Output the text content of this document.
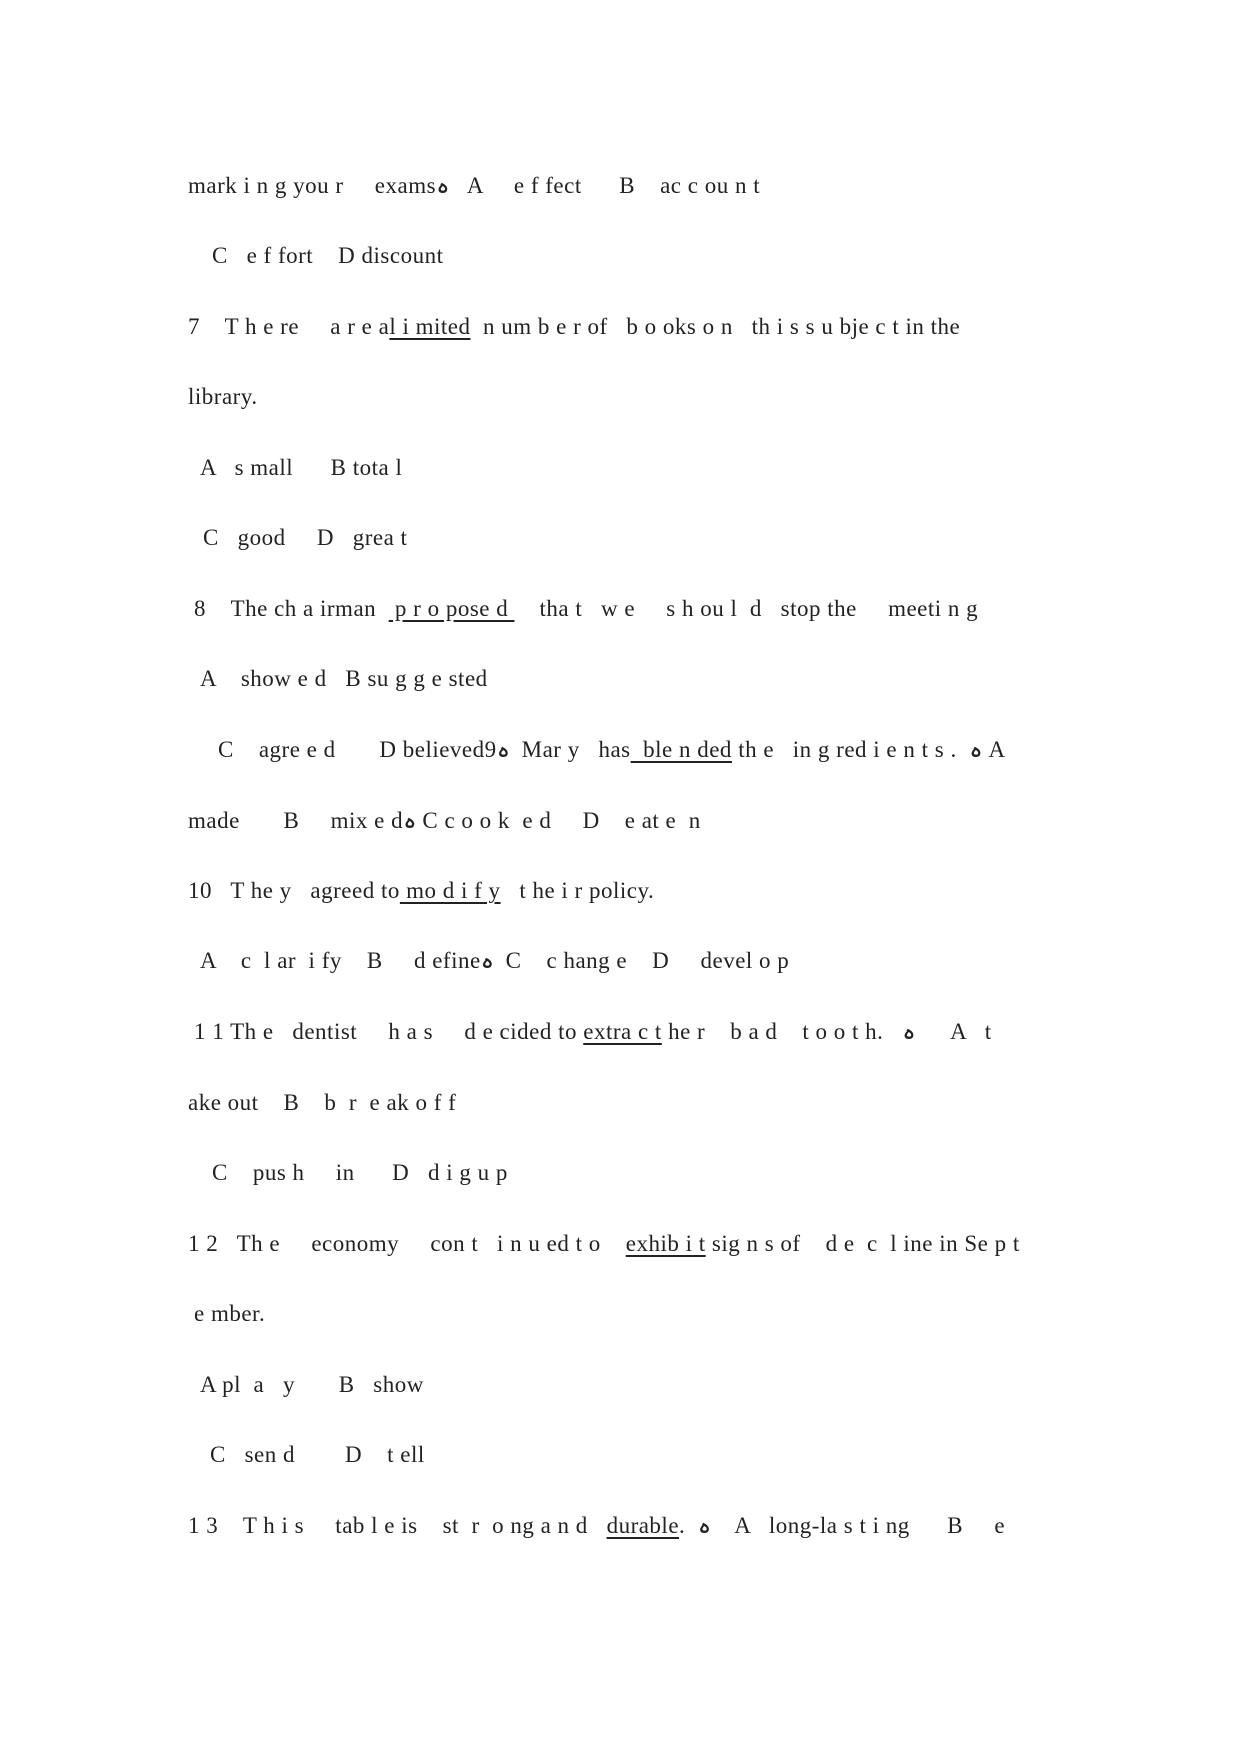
mark i n g you r     examsہ   A     e f fect      B    ac c ou n t
C   e f fort    D discount
7    T h e re     a r e al i mited  n um b e r of   b o oks o n   th i s s u bje c t in the
library.
A   s mall      B tota l
C   good     D   grea t
8    The ch a irman   p r o pose d     tha t   w e     s h ou l  d   stop the     meeti n g
A    show e d   B su g g e sted
C    agre e d       D believed9ہ  Mar y   has  ble n ded th e   in g red i e n t s .  ہ A
made       B     mix e dہ C c o o k  e d     D    e at e  n
10   T he y   agreed to mo d i f y   t he i r policy.
A    c  l ar  i fy    B     d efineہ  C    c hang e    D     devel o p
1 1 Th e   dentist     h a s     d e cided to extra c t he r    b a d    t o o t h.   ہ      A   t
ake out    B    b  r  e ak o f f
C    pus h     in      D   d i g u p
1 2   Th e     economy     con t   i n u ed t o    exhib i t sig n s of    d e  c  l ine in Se p t
e mber.
A pl  a   y       B   show
C   sen d        D    t ell
1 3    T h i s     tab l e is    st  r  o ng a n d   durable.  ہ    A   long-la s t i ng      B     e
